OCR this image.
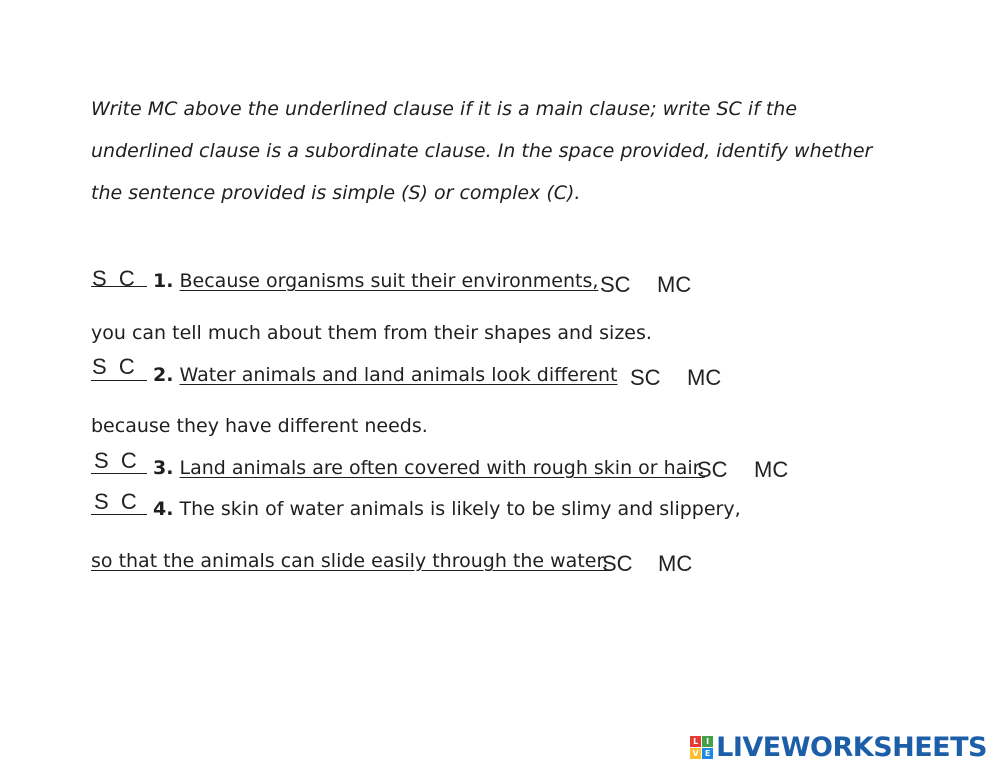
Write MC above the underlined clause if it is a main clause; write SC if the underlined clause is a subordinate clause. In the space provided, identify whether the sentence provided is simple (S) or complex (C).
S  C 1. Because organisms suit their environments, SC MC
you can tell much about them from their shapes and sizes.
S  C 2. Water animals and land animals look different SC MC
because they have different needs.
S  C 3. Land animals are often covered with rough skin or hair.
SC MC
S  C 4. The skin of water animals is likely to be slimy and slippery,
so that the animals can slide easily through the water.
SC MC
L I
V E LIVEWORKSHEETS
